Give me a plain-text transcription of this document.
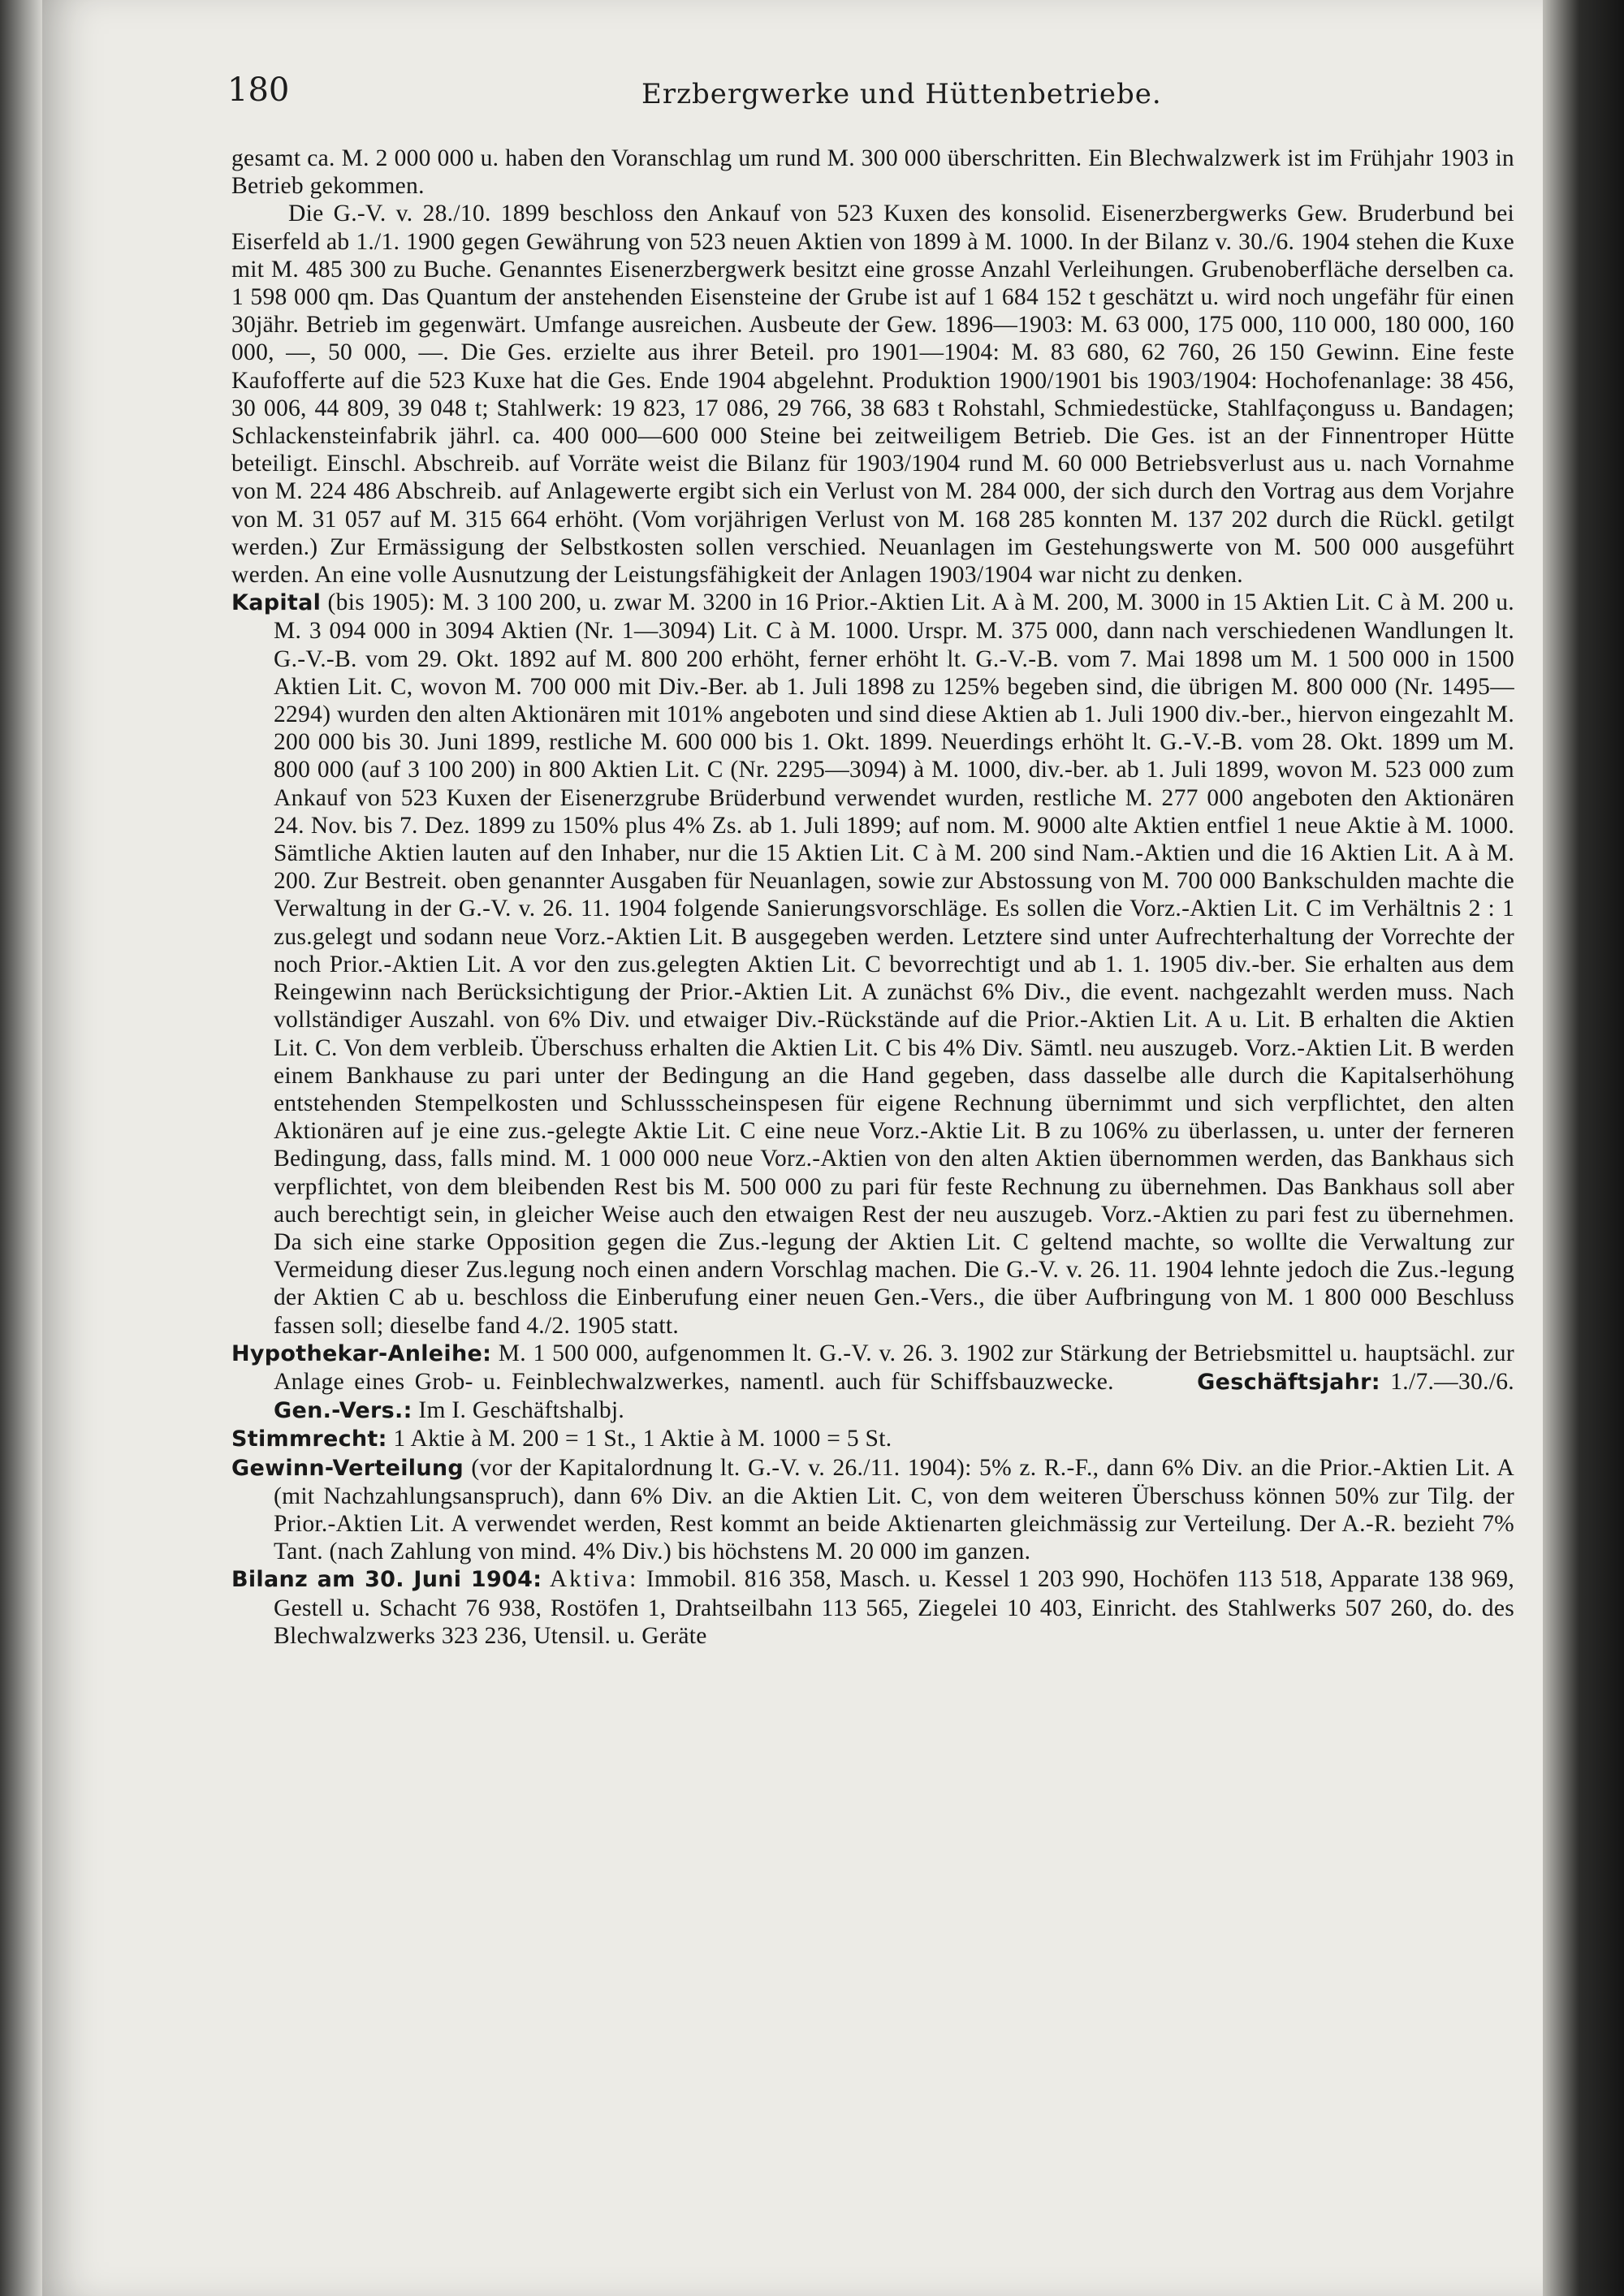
180	Erzbergwerke und Hüttenbetriebe.

gesamt ca. M. 2 000 000 u. haben den Voranschlag um rund M. 300 000 überschritten. Ein Blechwalzwerk ist im Frühjahr 1903 in Betrieb gekommen.

Die G.-V. v. 28./10. 1899 beschloss den Ankauf von 523 Kuxen des konsolid. Eisenerzbergwerks Gew. Bruderbund bei Eiserfeld ab 1./1. 1900 gegen Gewährung von 523 neuen Aktien von 1899 à M. 1000. In der Bilanz v. 30./6. 1904 stehen die Kuxe mit M. 485 300 zu Buche. Genanntes Eisenerzbergwerk besitzt eine grosse Anzahl Verleihungen. Grubenoberfläche derselben ca. 1 598 000 qm. Das Quantum der anstehenden Eisensteine der Grube ist auf 1 684 152 t geschätzt u. wird noch ungefähr für einen 30jähr. Betrieb im gegenwärt. Umfange ausreichen. Ausbeute der Gew. 1896—1903: M. 63 000, 175 000, 110 000, 180 000, 160 000, —, 50 000, —. Die Ges. erzielte aus ihrer Beteil. pro 1901—1904: M. 83 680, 62 760, 26 150 Gewinn. Eine feste Kaufofferte auf die 523 Kuxe hat die Ges. Ende 1904 abgelehnt. Produktion 1900/1901 bis 1903/1904: Hochofenanlage: 38 456, 30 006, 44 809, 39 048 t; Stahlwerk: 19 823, 17 086, 29 766, 38 683 t Rohstahl, Schmiedestücke, Stahlfaçonguss u. Bandagen; Schlackensteinfabrik jährl. ca. 400 000—600 000 Steine bei zeitweiligem Betrieb. Die Ges. ist an der Finnentroper Hütte beteiligt. Einschl. Abschreib. auf Vorräte weist die Bilanz für 1903/1904 rund M. 60 000 Betriebsverlust aus u. nach Vornahme von M. 224 486 Abschreib. auf Anlagewerte ergibt sich ein Verlust von M. 284 000, der sich durch den Vortrag aus dem Vorjahre von M. 31 057 auf M. 315 664 erhöht. (Vom vorjährigen Verlust von M. 168 285 konnten M. 137 202 durch die Rückl. getilgt werden.) Zur Ermässigung der Selbstkosten sollen verschied. Neuanlagen im Gestehungswerte von M. 500 000 ausgeführt werden. An eine volle Ausnutzung der Leistungsfähigkeit der Anlagen 1903/1904 war nicht zu denken.

Kapital (bis 1905): M. 3 100 200, u. zwar M. 3200 in 16 Prior.-Aktien Lit. A à M. 200, M. 3000 in 15 Aktien Lit. C à M. 200 u. M. 3 094 000 in 3094 Aktien (Nr. 1—3094) Lit. C à M. 1000. Urspr. M. 375 000, dann nach verschiedenen Wandlungen lt. G.-V.-B. vom 29. Okt. 1892 auf M. 800 200 erhöht, ferner erhöht lt. G.-V.-B. vom 7. Mai 1898 um M. 1 500 000 in 1500 Aktien Lit. C, wovon M. 700 000 mit Div.-Ber. ab 1. Juli 1898 zu 125% begeben sind, die übrigen M. 800 000 (Nr. 1495—2294) wurden den alten Aktionären mit 101% angeboten und sind diese Aktien ab 1. Juli 1900 div.-ber., hiervon eingezahlt M. 200 000 bis 30. Juni 1899, restliche M. 600 000 bis 1. Okt. 1899. Neuerdings erhöht lt. G.-V.-B. vom 28. Okt. 1899 um M. 800 000 (auf 3 100 200) in 800 Aktien Lit. C (Nr. 2295—3094) à M. 1000, div.-ber. ab 1. Juli 1899, wovon M. 523 000 zum Ankauf von 523 Kuxen der Eisenerzgrube Brüderbund verwendet wurden, restliche M. 277 000 angeboten den Aktionären 24. Nov. bis 7. Dez. 1899 zu 150% plus 4% Zs. ab 1. Juli 1899; auf nom. M. 9000 alte Aktien entfiel 1 neue Aktie à M. 1000. Sämtliche Aktien lauten auf den Inhaber, nur die 15 Aktien Lit. C à M. 200 sind Nam.-Aktien und die 16 Aktien Lit. A à M. 200. Zur Bestreit. oben genannter Ausgaben für Neuanlagen, sowie zur Abstossung von M. 700 000 Bankschulden machte die Verwaltung in der G.-V. v. 26. 11. 1904 folgende Sanierungsvorschläge. Es sollen die Vorz.-Aktien Lit. C im Verhältnis 2 : 1 zus.gelegt und sodann neue Vorz.-Aktien Lit. B ausgegeben werden. Letztere sind unter Aufrechterhaltung der Vorrechte der noch Prior.-Aktien Lit. A vor den zus.gelegten Aktien Lit. C bevorrechtigt und ab 1. 1. 1905 div.-ber. Sie erhalten aus dem Reingewinn nach Berücksichtigung der Prior.-Aktien Lit. A zunächst 6% Div., die event. nachgezahlt werden muss. Nach vollständiger Auszahl. von 6% Div. und etwaiger Div.-Rückstände auf die Prior.-Aktien Lit. A u. Lit. B erhalten die Aktien Lit. C. Von dem verbleib. Überschuss erhalten die Aktien Lit. C bis 4% Div. Sämtl. neu auszugeb. Vorz.-Aktien Lit. B werden einem Bankhause zu pari unter der Bedingung an die Hand gegeben, dass dasselbe alle durch die Kapitalserhöhung entstehenden Stempelkosten und Schlussscheinspesen für eigene Rechnung übernimmt und sich verpflichtet, den alten Aktionären auf je eine zus.-gelegte Aktie Lit. C eine neue Vorz.-Aktie Lit. B zu 106% zu überlassen, u. unter der ferneren Bedingung, dass, falls mind. M. 1 000 000 neue Vorz.-Aktien von den alten Aktien übernommen werden, das Bankhaus sich verpflichtet, von dem bleibenden Rest bis M. 500 000 zu pari für feste Rechnung zu übernehmen. Das Bankhaus soll aber auch berechtigt sein, in gleicher Weise auch den etwaigen Rest der neu auszugeb. Vorz.-Aktien zu pari fest zu übernehmen. Da sich eine starke Opposition gegen die Zus.-legung der Aktien Lit. C geltend machte, so wollte die Verwaltung zur Vermeidung dieser Zus.legung noch einen andern Vorschlag machen. Die G.-V. v. 26. 11. 1904 lehnte jedoch die Zus.-legung der Aktien C ab u. beschloss die Einberufung einer neuen Gen.-Vers., die über Aufbringung von M. 1 800 000 Beschluss fassen soll; dieselbe fand 4./2. 1905 statt.

Hypothekar-Anleihe: M. 1 500 000, aufgenommen lt. G.-V. v. 26. 3. 1902 zur Stärkung der Betriebsmittel u. hauptsächl. zur Anlage eines Grob- u. Feinblechwalzwerkes, namentl. auch für Schiffsbauzwecke.	Geschäftsjahr: 1./7.—30./6. Gen.-Vers.: Im I. Geschäftshalbj.

Stimmrecht: 1 Aktie à M. 200 = 1 St., 1 Aktie à M. 1000 = 5 St.

Gewinn-Verteilung (vor der Kapitalordnung lt. G.-V. v. 26./11. 1904): 5% z. R.-F., dann 6% Div. an die Prior.-Aktien Lit. A (mit Nachzahlungsanspruch), dann 6% Div. an die Aktien Lit. C, von dem weiteren Überschuss können 50% zur Tilg. der Prior.-Aktien Lit. A verwendet werden, Rest kommt an beide Aktienarten gleichmässig zur Verteilung. Der A.-R. bezieht 7% Tant. (nach Zahlung von mind. 4% Div.) bis höchstens M. 20 000 im ganzen.

Bilanz am 30. Juni 1904: Aktiva: Immobil. 816 358, Masch. u. Kessel 1 203 990, Hochöfen 113 518, Apparate 138 969, Gestell u. Schacht 76 938, Rostöfen 1, Drahtseilbahn 113 565, Ziegelei 10 403, Einricht. des Stahlwerks 507 260, do. des Blechwalzwerks 323 236, Utensil. u. Geräte
